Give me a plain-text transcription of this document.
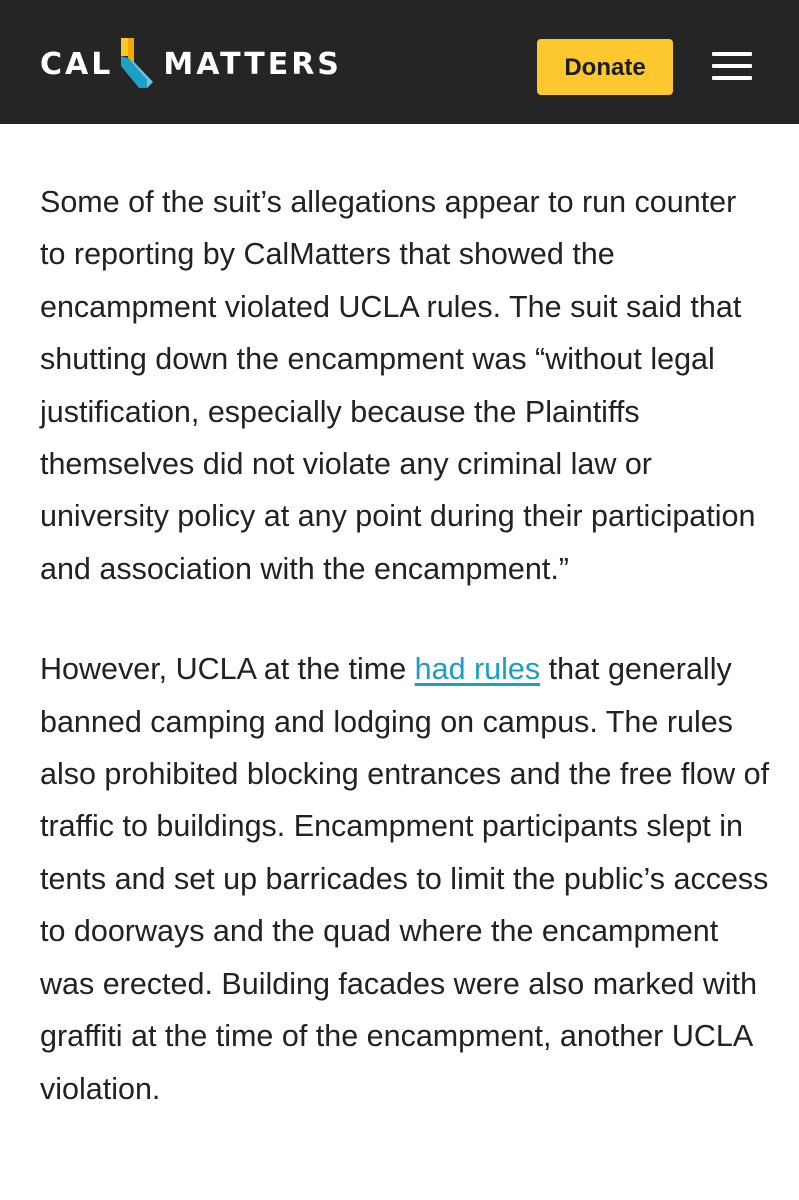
CAL MATTERS	Donate

Some of the suit’s allegations appear to run counter to reporting by CalMatters that showed the encampment violated UCLA rules. The suit said that shutting down the encampment was “without legal justification, especially because the Plaintiffs themselves did not violate any criminal law or university policy at any point during their participation and association with the encampment.”

However, UCLA at the time had rules that generally banned camping and lodging on campus. The rules also prohibited blocking entrances and the free flow of traffic to buildings. Encampment participants slept in tents and set up barricades to limit the public’s access to doorways and the quad where the encampment was erected. Building facades were also marked with graffiti at the time of the encampment, another UCLA violation.
